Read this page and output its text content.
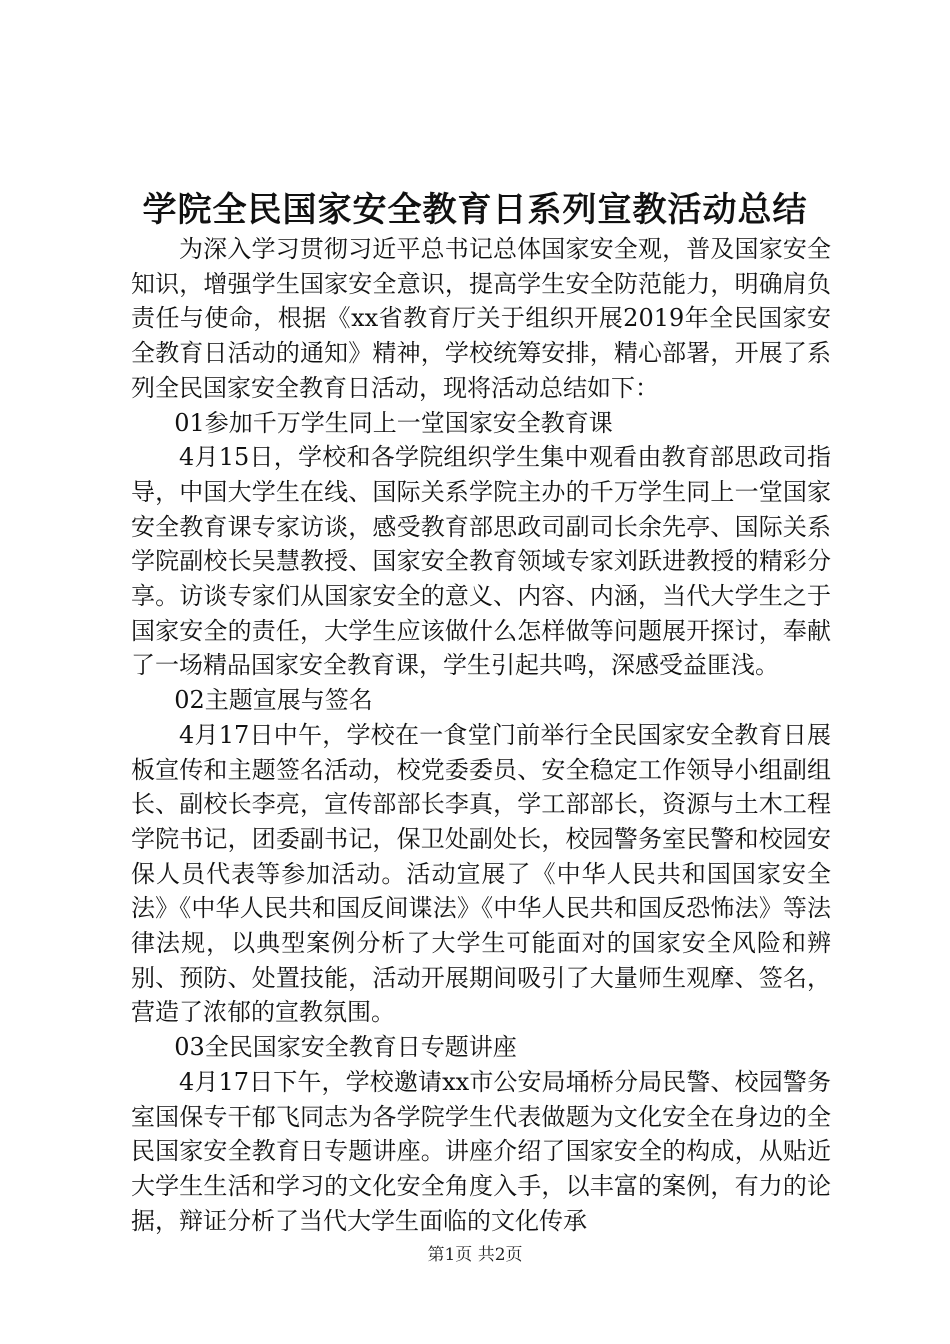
学院全民国家安全教育日系列宣教活动总结

为深入学习贯彻习近平总书记总体国家安全观，普及国家安全知识，增强学生国家安全意识，提高学生安全防范能力，明确肩负责任与使命，根据《xx省教育厅关于组织开展2019年全民国家安全教育日活动的通知》精神，学校统筹安排，精心部署，开展了系列全民国家安全教育日活动，现将活动总结如下：

01参加千万学生同上一堂国家安全教育课

4月15日，学校和各学院组织学生集中观看由教育部思政司指导，中国大学生在线、国际关系学院主办的千万学生同上一堂国家安全教育课专家访谈，感受教育部思政司副司长余先亭、国际关系学院副校长吴慧教授、国家安全教育领域专家刘跃进教授的精彩分享。访谈专家们从国家安全的意义、内容、内涵，当代大学生之于国家安全的责任，大学生应该做什么怎样做等问题展开探讨，奉献了一场精品国家安全教育课，学生引起共鸣，深感受益匪浅。

02主题宣展与签名

4月17日中午，学校在一食堂门前举行全民国家安全教育日展板宣传和主题签名活动，校党委委员、安全稳定工作领导小组副组长、副校长李亮，宣传部部长李真，学工部部长，资源与土木工程学院书记，团委副书记，保卫处副处长，校园警务室民警和校园安保人员代表等参加活动。活动宣展了《中华人民共和国国家安全法》《中华人民共和国反间谍法》《中华人民共和国反恐怖法》等法律法规，以典型案例分析了大学生可能面对的国家安全风险和辨别、预防、处置技能，活动开展期间吸引了大量师生观摩、签名，营造了浓郁的宣教氛围。

03全民国家安全教育日专题讲座

4月17日下午，学校邀请xx市公安局埇桥分局民警、校园警务室国保专干郁飞同志为各学院学生代表做题为文化安全在身边的全民国家安全教育日专题讲座。讲座介绍了国家安全的构成，从贴近大学生生活和学习的文化安全角度入手，以丰富的案例，有力的论据，辩证分析了当代大学生面临的文化传承

第1页 共2页
